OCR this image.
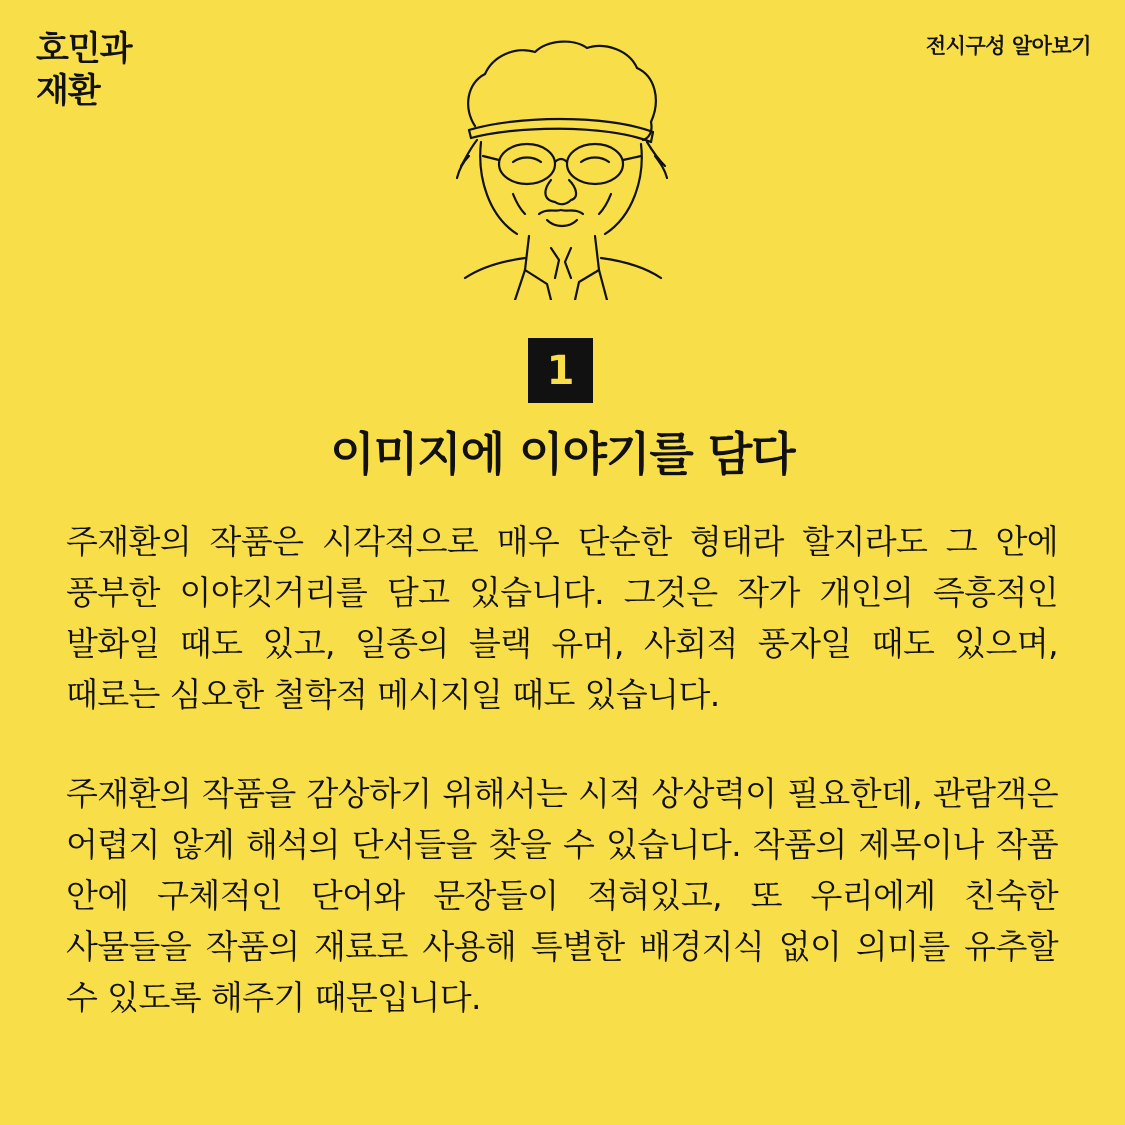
호민과
재환
전시구성 알아보기
1
이미지에 이야기를 담다

주재환의 작품은 시각적으로 매우 단순한 형태라 할지라도 그 안에 풍부한 이야깃거리를 담고 있습니다. 그것은 작가 개인의 즉흥적인 발화일 때도 있고, 일종의 블랙 유머, 사회적 풍자일 때도 있으며, 때로는 심오한 철학적 메시지일 때도 있습니다.

주재환의 작품을 감상하기 위해서는 시적 상상력이 필요한데, 관람객은 어렵지 않게 해석의 단서들을 찾을 수 있습니다. 작품의 제목이나 작품 안에 구체적인 단어와 문장들이 적혀있고, 또 우리에게 친숙한 사물들을 작품의 재료로 사용해 특별한 배경지식 없이 의미를 유추할 수 있도록 해주기 때문입니다.
